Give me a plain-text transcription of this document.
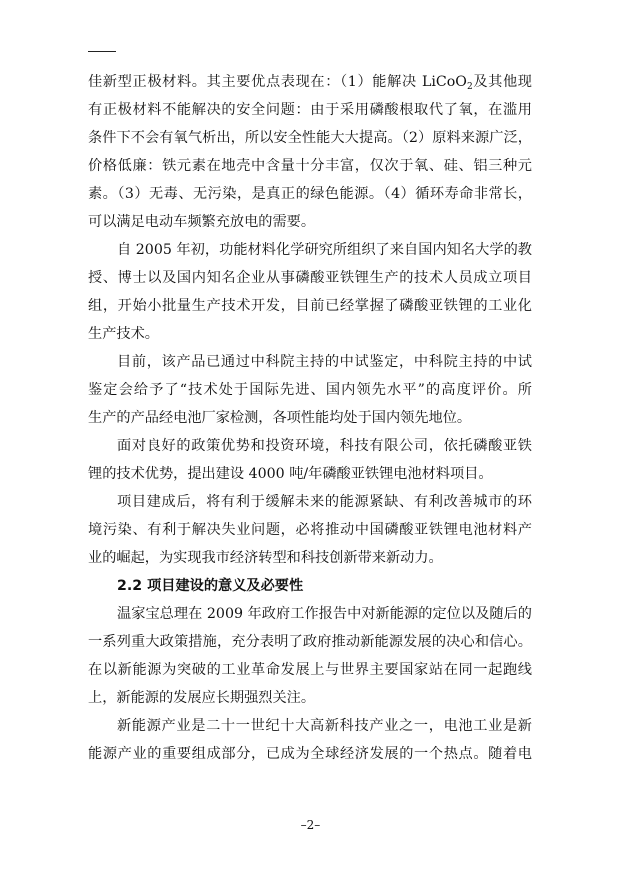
佳新型正极材料。其主要优点表现在：（1）能解决 LiCoO$_2$及其他现
有正极材料不能解决的安全问题：由于采用磷酸根取代了氧，在滥用
条件下不会有氧气析出，所以安全性能大大提高。（2）原料来源广泛，
价格低廉：铁元素在地壳中含量十分丰富，仅次于氧、硅、铝三种元
素。（3）无毒、无污染，是真正的绿色能源。（4）循环寿命非常长，
可以满足电动车频繁充放电的需要。
自 2005 年初，功能材料化学研究所组织了来自国内知名大学的教
授、博士以及国内知名企业从事磷酸亚铁锂生产的技术人员成立项目
组，开始小批量生产技术开发，目前已经掌握了磷酸亚铁锂的工业化
生产技术。
目前，该产品已通过中科院主持的中试鉴定，中科院主持的中试
鉴定会给予了“技术处于国际先进、国内领先水平”的高度评价。所
生产的产品经电池厂家检测，各项性能均处于国内领先地位。
面对良好的政策优势和投资环境，科技有限公司，依托磷酸亚铁
锂的技术优势，提出建设 4000 吨/年磷酸亚铁锂电池材料项目。
项目建成后，将有利于缓解未来的能源紧缺、有利改善城市的环
境污染、有利于解决失业问题，必将推动中国磷酸亚铁锂电池材料产
业的崛起，为实现我市经济转型和科技创新带来新动力。
2.2 项目建设的意义及必要性
温家宝总理在 2009 年政府工作报告中对新能源的定位以及随后的
一系列重大政策措施，充分表明了政府推动新能源发展的决心和信心。
在以新能源为突破的工业革命发展上与世界主要国家站在同一起跑线
上，新能源的发展应长期强烈关注。
新能源产业是二十一世纪十大高新科技产业之一，电池工业是新
能源产业的重要组成部分，已成为全球经济发展的一个热点。随着电
–2–
